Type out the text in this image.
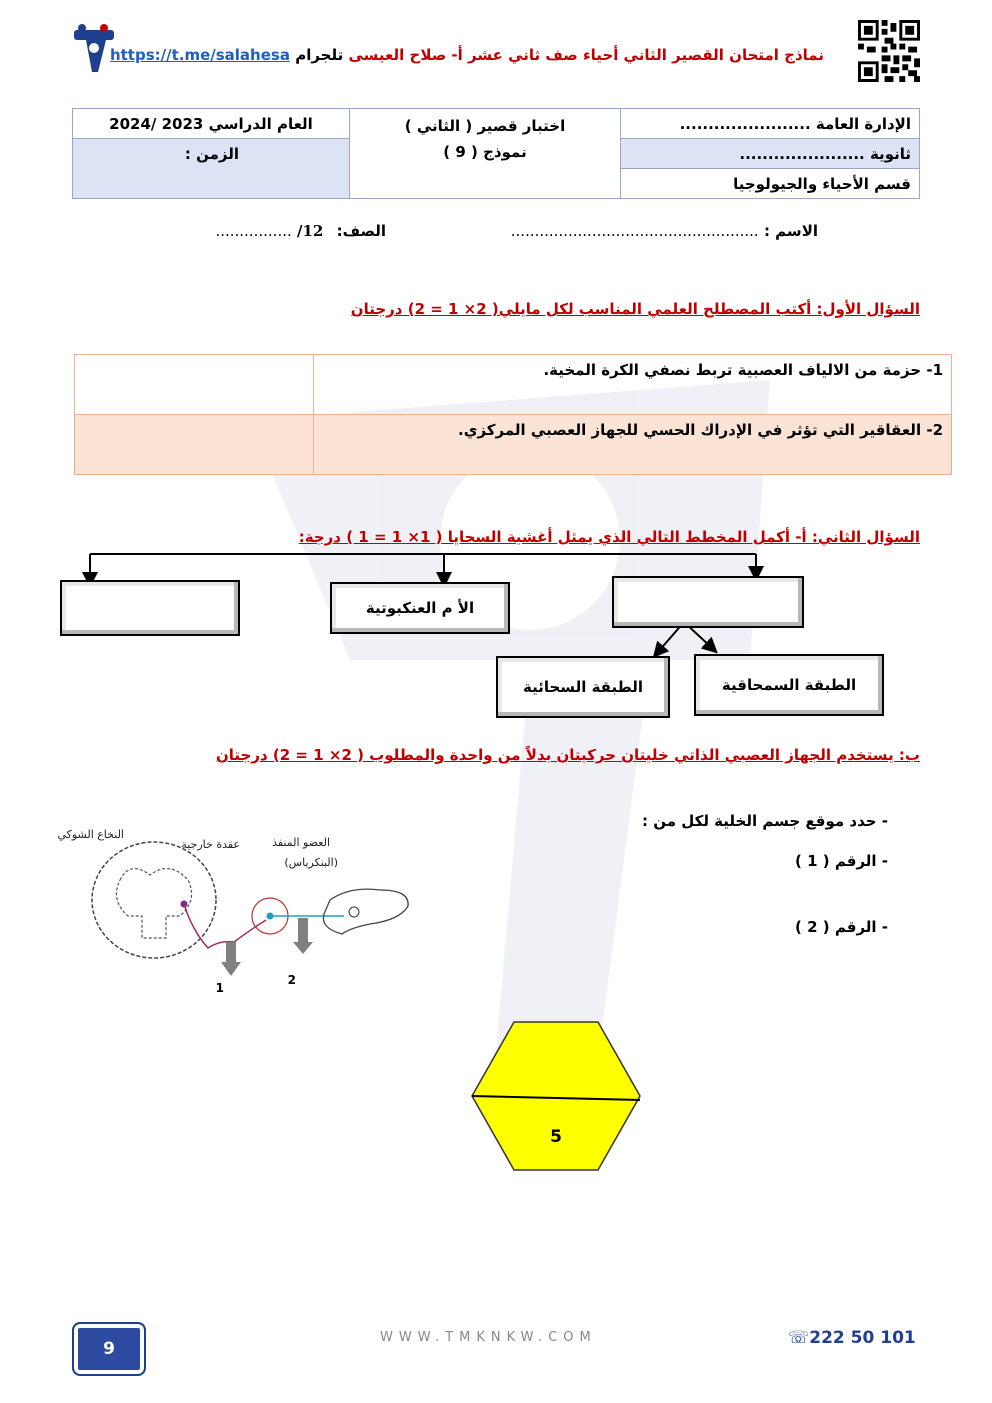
نماذج امتحان القصير الثاني أحياء صف ثاني عشر أ- صلاح العيسى تلجرام https://t.me/salahesa
الإدارة العامة .......................	اختبار قصير ( الثاني )
نموذج ( 9 )	العام الدراسي 2023 /2024
ثانوية ......................		الزمن :
قسم الأحياء والجيولوجيا		
الاسم : ....................................................
الصف: 12/ ................
السؤال الأول: أكتب المصطلح العلمي المناسب لكل مايلي( 2× 1 = 2) درجتان
1- حزمة من الالياف العصبية تربط نصفي الكرة المخية.	
2- العقاقير التي تؤثر في الإدراك الحسي للجهاز العصبي المركزي.	
السؤال الثاني: أ- أكمل المخطط التالي الذي يمثل أغشية السحايا ( 1× 1 = 1 ) درجة:
الأ م العنكبوتية
الطبقة السحائية	الطبقة السمحاقية
ب: يستخدم الجهاز العصبي الذاتي خليتان حركيتان بدلاً من واحدة والمطلوب ( 2× 1 = 2) درجتان
- حدد موقع جسم الخلية لكل من :
- الرقم ( 1 )
- الرقم ( 2 )
النخاع الشوكي
عقدة خارجية	العضو المنفذ
(البنكرياس)
1
2
5
9
WWW.TMKNKW.COM	☏222 50 101
